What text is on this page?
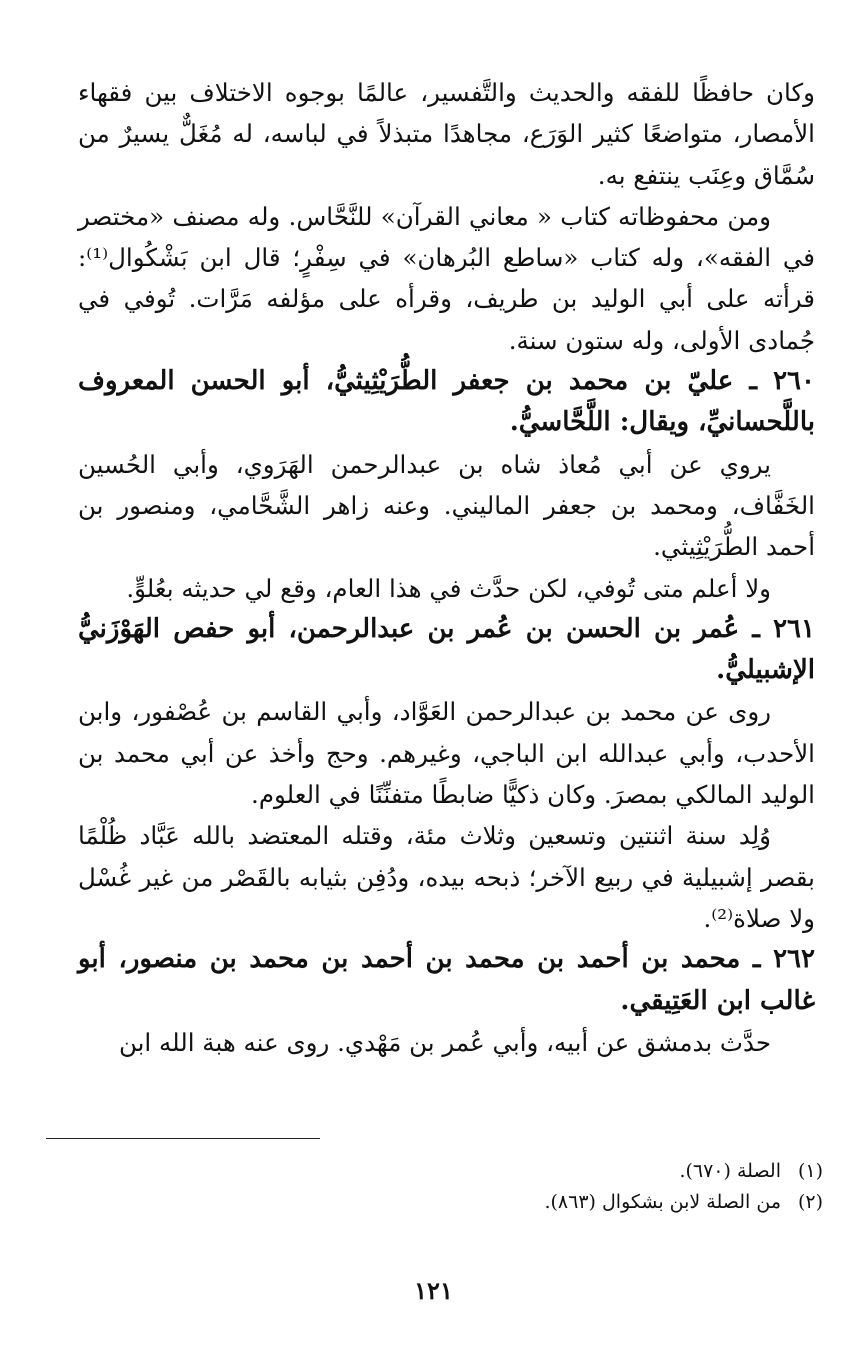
وكان حافظًا للفقه والحديث والتَّفسير، عالمًا بوجوه الاختلاف بين فقهاء الأمصار، متواضعًا كثير الوَرَع، مجاهدًا متبذلاً في لباسه، له مُغَلٌّ يسيرٌ من سُمَّاق وعِنَب ينتفع به.

ومن محفوظاته كتاب « معاني القرآن» للنَّحَّاس. وله مصنف «مختصر في الفقه»، وله كتاب «ساطع البُرهان» في سِفْرٍ؛ قال ابن بَشْكُوال⁽¹⁾: قرأته على أبي الوليد بن طريف، وقرأه على مؤلفه مَرَّات. تُوفي في جُمادى الأولى، وله ستون سنة.

٢٦٠ ـ عليّ بن محمد بن جعفر الطُّرَيْثِيثيُّ، أبو الحسن المعروف باللَّحسانيِّ، ويقال: اللَّحَّاسيُّ.

يروي عن أبي مُعاذ شاه بن عبدالرحمن الهَرَوي، وأبي الحُسين الخَفَّاف، ومحمد بن جعفر الماليني. وعنه زاهر الشَّحَّامي، ومنصور بن أحمد الطُّرَيْثِيثي.

ولا أعلم متى تُوفي، لكن حدَّث في هذا العام، وقع لي حديثه بعُلوٍّ.

٢٦١ ـ عُمر بن الحسن بن عُمر بن عبدالرحمن، أبو حفص الهَوْزَنيُّ الإشبيليُّ.

روى عن محمد بن عبدالرحمن العَوَّاد، وأبي القاسم بن عُصْفور، وابن الأحدب، وأبي عبدالله ابن الباجي، وغيرهم. وحج وأخذ عن أبي محمد بن الوليد المالكي بمصرَ. وكان ذكيًّا ضابطًا متفنِّنًا في العلوم.

وُلِد سنة اثنتين وتسعين وثلاث مئة، وقتله المعتضد بالله عَبَّاد ظُلْمًا بقصر إشبيلية في ربيع الآخر؛ ذبحه بيده، ودُفِن بثيابه بالقَصْر من غير غُسْل ولا صلاة⁽²⁾.

٢٦٢ ـ محمد بن أحمد بن محمد بن أحمد بن محمد بن منصور، أبو غالب ابن العَتِيقي.

حدَّث بدمشق عن أبيه، وأبي عُمر بن مَهْدي. روى عنه هبة الله ابن

(١)
الصلة (٦٧٠).
(٢)
من الصلة لابن بشكوال (٨٦٣).
١٢١
